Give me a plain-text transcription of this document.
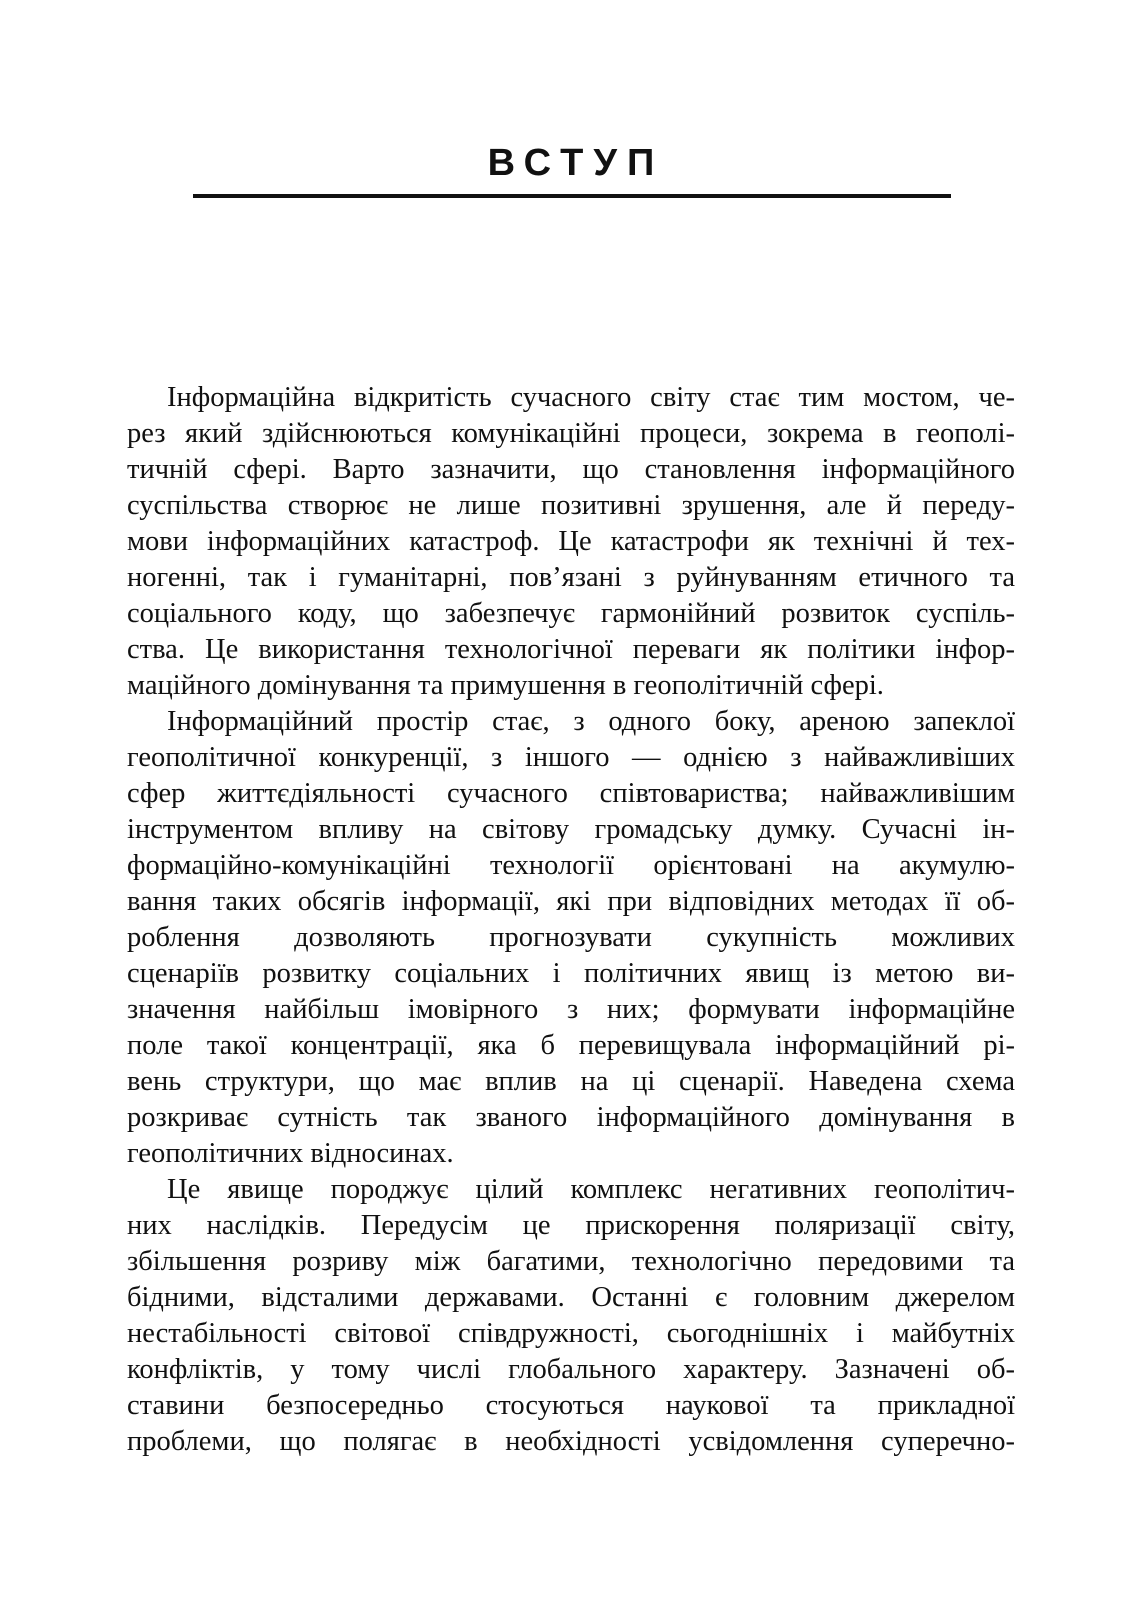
ВСТУП
Інформаційна відкритість сучасного світу стає тим мостом, че-
рез який здійснюються комунікаційні процеси, зокрема в геополі-
тичній сфері. Варто зазначити, що становлення інформаційного
суспільства створює не лише позитивні зрушення, але й переду-
мови інформаційних катастроф. Це катастрофи як технічні й тех-
ногенні, так і гуманітарні, пов’язані з руйнуванням етичного та
соціального коду, що забезпечує гармонійний розвиток суспіль-
ства. Це використання технологічної переваги як політики інфор-
маційного домінування та примушення в геополітичній сфері.
Інформаційний простір стає, з одного боку, ареною запеклої
геополітичної конкуренції, з іншого — однією з найважливіших
сфер життєдіяльності сучасного співтовариства; найважливішим
інструментом впливу на світову громадську думку. Сучасні ін-
формаційно-комунікаційні технології орієнтовані на акумулю-
вання таких обсягів інформації, які при відповідних методах її об-
роблення дозволяють прогнозувати сукупність можливих
сценаріїв розвитку соціальних і політичних явищ із метою ви-
значення найбільш імовірного з них; формувати інформаційне
поле такої концентрації, яка б перевищувала інформаційний рі-
вень структури, що має вплив на ці сценарії. Наведена схема
розкриває сутність так званого інформаційного домінування в
геополітичних відносинах.
Це явище породжує цілий комплекс негативних геополітич-
них наслідків. Передусім це прискорення поляризації світу,
збільшення розриву між багатими, технологічно передовими та
бідними, відсталими державами. Останні є головним джерелом
нестабільності світової співдружності, сьогоднішніх і майбутніх
конфліктів, у тому числі глобального характеру. Зазначені об-
ставини безпосередньо стосуються наукової та прикладної
проблеми, що полягає в необхідності усвідомлення суперечно-
